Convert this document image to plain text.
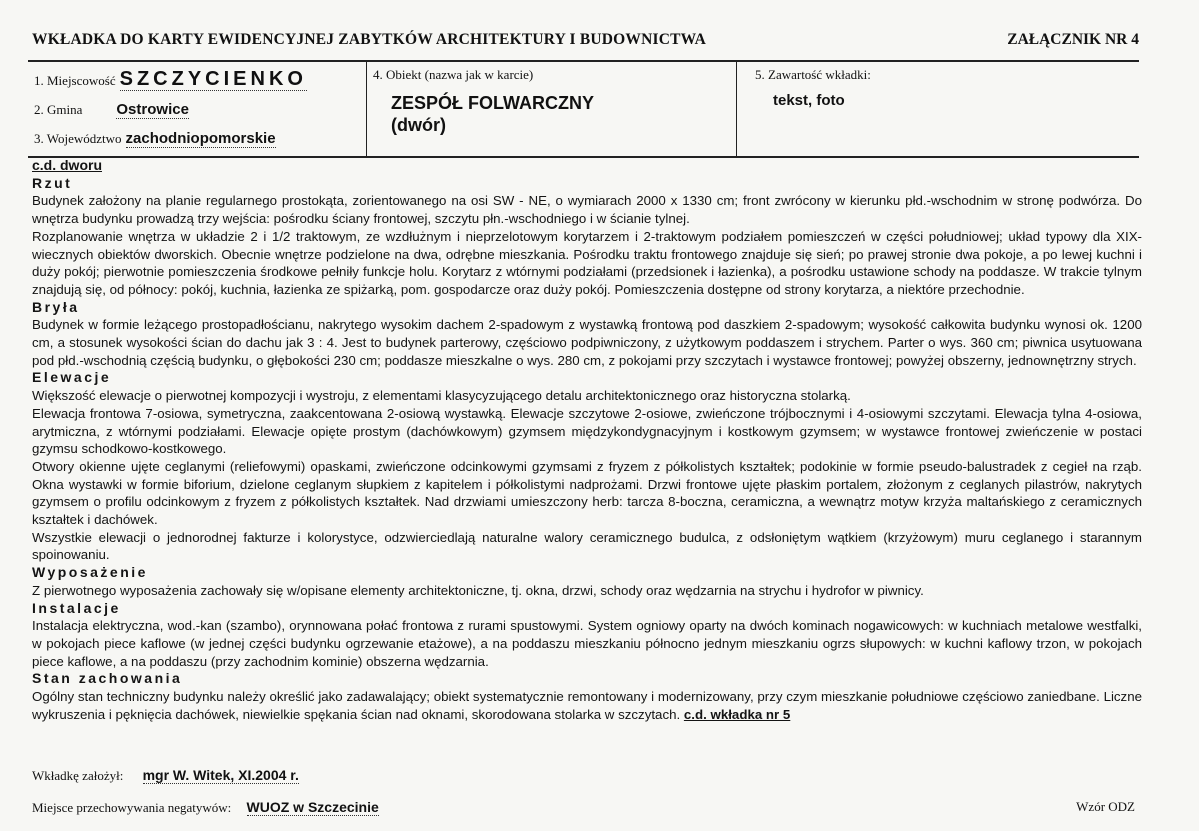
WKŁADKA DO KARTY EWIDENCYJNEJ ZABYTKÓW ARCHITEKTURY I BUDOWNICTWA	ZAŁĄCZNIK NR 4
1. Miejscowość SZCZYCIENKO
2. Gmina Ostrowice
3. Województwo zachodniopomorskie
4. Obiekt (nazwa jak w karcie)
ZESPÓŁ FOLWARCZNY
(dwór)
5. Zawartość wkładki:
tekst, foto
c.d. dworu
Rzut

Budynek założony na planie regularnego prostokąta, zorientowanego na osi SW - NE, o wymiarach 2000 x 1330 cm; front zwrócony w kierunku płd.-wschodnim w stronę podwórza. Do wnętrza budynku prowadzą trzy wejścia: pośrodku ściany frontowej, szczytu płn.-wschodniego i w ścianie tylnej.

Rozplanowanie wnętrza w układzie 2 i 1/2 traktowym, ze wzdłużnym i nieprzelotowym korytarzem i 2-traktowym podziałem pomieszczeń w części południowej; układ typowy dla XIX-wiecznych obiektów dworskich. Obecnie wnętrze podzielone na dwa, odrębne mieszkania. Pośrodku traktu frontowego znajduje się sień; po prawej stronie dwa pokoje, a po lewej kuchni i duży pokój; pierwotnie pomieszczenia środkowe pełniły funkcje holu. Korytarz z wtórnymi podziałami (przedsionek i łazienka), a pośrodku ustawione schody na poddasze. W trakcie tylnym znajdują się, od północy: pokój, kuchnia, łazienka ze spiżarką, pom. gospodarcze oraz duży pokój. Pomieszczenia dostępne od strony korytarza, a niektóre przechodnie.

Bryła

Budynek w formie leżącego prostopadłościanu, nakrytego wysokim dachem 2-spadowym z wystawką frontową pod daszkiem 2-spadowym; wysokość całkowita budynku wynosi ok. 1200 cm, a stosunek wysokości ścian do dachu jak 3 : 4. Jest to budynek parterowy, częściowo podpiwniczony, z użytkowym poddaszem i strychem. Parter o wys. 360 cm; piwnica usytuowana pod płd.-wschodnią częścią budynku, o głębokości 230 cm; poddasze mieszkalne o wys. 280 cm, z pokojami przy szczytach i wystawce frontowej; powyżej obszerny, jednownętrzny strych.

Elewacje

Większość elewacje o pierwotnej kompozycji i wystroju, z elementami klasycyzującego detalu architektonicznego oraz historyczna stolarką.

Elewacja frontowa 7-osiowa, symetryczna, zaakcentowana 2-osiową wystawką. Elewacje szczytowe 2-osiowe, zwieńczone trójbocznymi i 4-osiowymi szczytami. Elewacja tylna 4-osiowa, arytmiczna, z wtórnymi podziałami. Elewacje opięte prostym (dachówkowym) gzymsem międzykondygnacyjnym i kostkowym gzymsem; w wystawce frontowej zwieńczenie w postaci gzymsu schodkowo-kostkowego.

Otwory okienne ujęte ceglanymi (reliefowymi) opaskami, zwieńczone odcinkowymi gzymsami z fryzem z półkolistych kształtek; podokinie w formie pseudo-balustradek z cegieł na rząb. Okna wystawki w formie biforium, dzielone ceglanym słupkiem z kapitelem i półkolistymi nadprożami. Drzwi frontowe ujęte płaskim portalem, złożonym z ceglanych pilastrów, nakrytych gzymsem o profilu odcinkowym z fryzem z półkolistych kształtek. Nad drzwiami umieszczony herb: tarcza 8-boczna, ceramiczna, a wewnątrz motyw krzyża maltańskiego z ceramicznych kształtek i dachówek.

Wszystkie elewacji o jednorodnej fakturze i kolorystyce, odzwierciedlają naturalne walory ceramicznego budulca, z odsłoniętym wątkiem (krzyżowym) muru ceglanego i starannym spoinowaniu.

Wyposażenie

Z pierwotnego wyposażenia zachowały się w/opisane elementy architektoniczne, tj. okna, drzwi, schody oraz wędzarnia na strychu i hydrofor w piwnicy.

Instalacje

Instalacja elektryczna, wod.-kan (szambo), orynnowana połać frontowa z rurami spustowymi. System ogniowy oparty na dwóch kominach nogawicowych: w kuchniach metalowe westfalki, w pokojach piece kaflowe (w jednej części budynku ogrzewanie etażowe), a na poddaszu mieszkaniu północno jednym mieszkaniu ogrzs słupowych: w kuchni kaflowy trzon, w pokojach piece kaflowe, a na poddaszu (przy zachodnim kominie) obszerna wędzarnia.

Stan zachowania

Ogólny stan techniczny budynku należy określić jako zadawalający; obiekt systematycznie remontowany i modernizowany, przy czym mieszkanie południowe częściowo zaniedbane. Liczne wykruszenia i pęknięcia dachówek, niewielkie spękania ścian nad oknami, skorodowana stolarka w szczytach. c.d. wkładka nr 5

Wkładkę założył: mgr W. Witek, XI.2004 r.
Miejsce przechowywania negatywów: WUOZ w Szczecinie	Wzór ODZ
